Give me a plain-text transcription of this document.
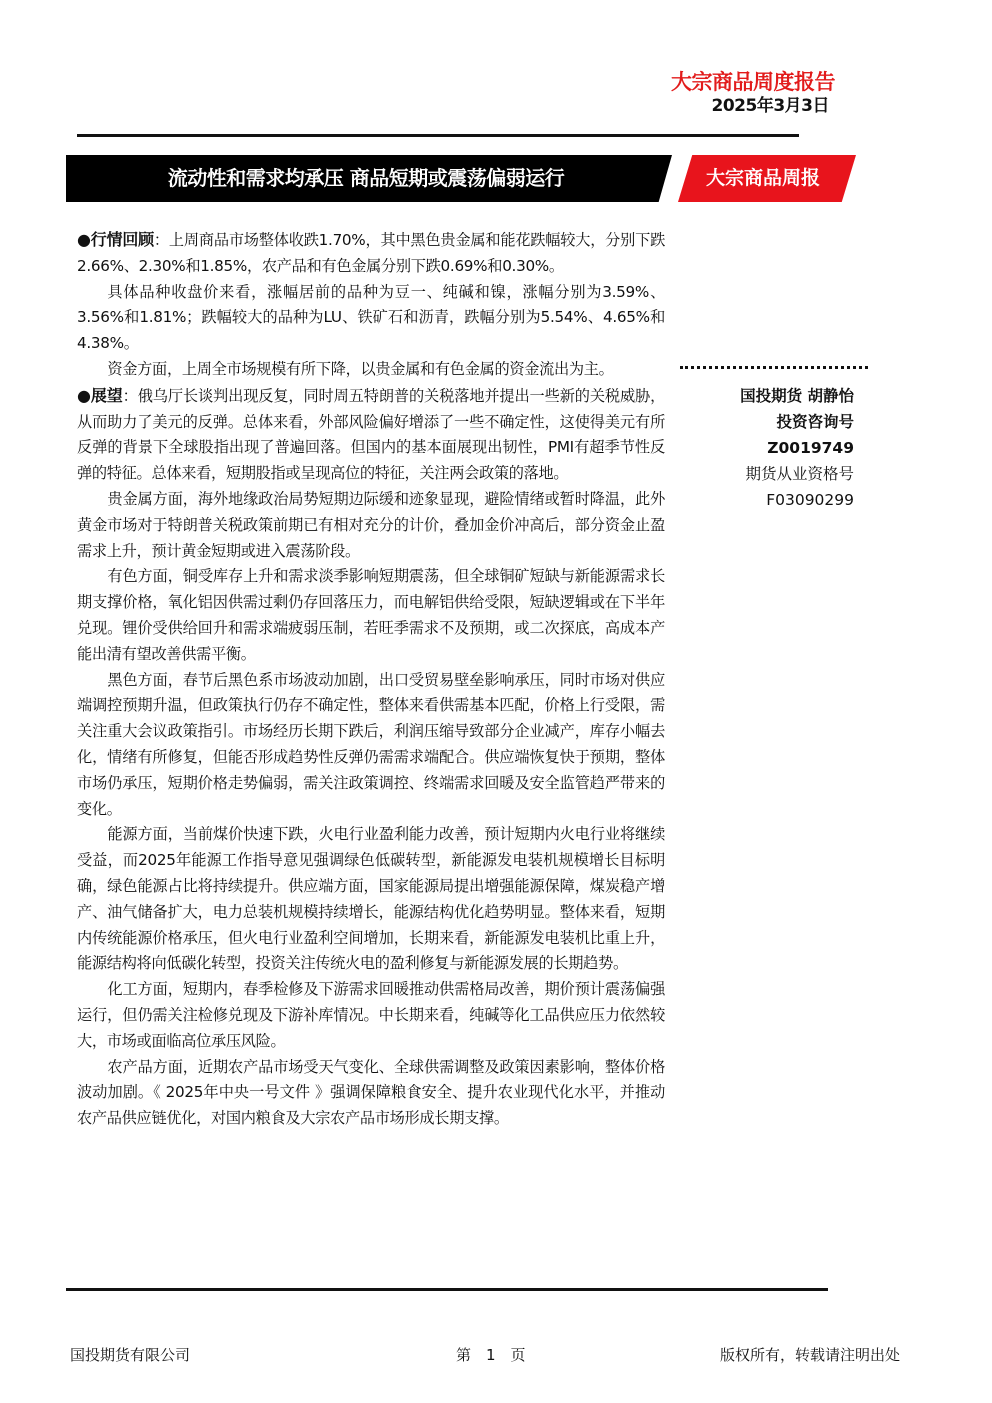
大宗商品周度报告
2025年3月3日
流动性和需求均承压 商品短期或震荡偏弱运行	大宗商品周报

●行情回顾：上周商品市场整体收跌1.70%，其中黑色贵金属和能花跌幅较大，分别下跌2.66%、2.30%和1.85%，农产品和有色金属分别下跌0.69%和0.30%。

具体品种收盘价来看，涨幅居前的品种为豆一、纯碱和镍，涨幅分别为3.59%、3.56%和1.81%；跌幅较大的品种为LU、铁矿石和沥青，跌幅分别为5.54%、4.65%和4.38%。

资金方面，上周全市场规模有所下降，以贵金属和有色金属的资金流出为主。

●展望：俄乌厅长谈判出现反复，同时周五特朗普的关税落地并提出一些新的关税威胁，从而助力了美元的反弹。总体来看，外部风险偏好增添了一些不确定性，这使得美元有所反弹的背景下全球股指出现了普遍回落。但国内的基本面展现出韧性，PMI有超季节性反弹的特征。总体来看，短期股指或呈现高位的特征，关注两会政策的落地。

贵金属方面，海外地缘政治局势短期边际缓和迹象显现，避险情绪或暂时降温，此外黄金市场对于特朗普关税政策前期已有相对充分的计价，叠加金价冲高后，部分资金止盈需求上升，预计黄金短期或进入震荡阶段。

有色方面，铜受库存上升和需求淡季影响短期震荡，但全球铜矿短缺与新能源需求长期支撑价格，氧化铝因供需过剩仍存回落压力，而电解铝供给受限，短缺逻辑或在下半年兑现。锂价受供给回升和需求端疲弱压制，若旺季需求不及预期，或二次探底，高成本产能出清有望改善供需平衡。

黑色方面，春节后黑色系市场波动加剧，出口受贸易壁垒影响承压，同时市场对供应端调控预期升温，但政策执行仍存不确定性，整体来看供需基本匹配，价格上行受限，需关注重大会议政策指引。市场经历长期下跌后，利润压缩导致部分企业减产，库存小幅去化，情绪有所修复，但能否形成趋势性反弹仍需需求端配合。供应端恢复快于预期，整体市场仍承压，短期价格走势偏弱，需关注政策调控、终端需求回暖及安全监管趋严带来的变化。

能源方面，当前煤价快速下跌，火电行业盈利能力改善，预计短期内火电行业将继续受益，而2025年能源工作指导意见强调绿色低碳转型，新能源发电装机规模增长目标明确，绿色能源占比将持续提升。供应端方面，国家能源局提出增强能源保障，煤炭稳产增产、油气储备扩大，电力总装机规模持续增长，能源结构优化趋势明显。整体来看，短期内传统能源价格承压，但火电行业盈利空间增加，长期来看，新能源发电装机比重上升，能源结构将向低碳化转型，投资关注传统火电的盈利修复与新能源发展的长期趋势。

化工方面，短期内，春季检修及下游需求回暖推动供需格局改善，期价预计震荡偏强运行，但仍需关注检修兑现及下游补库情况。中长期来看，纯碱等化工品供应压力依然较大，市场或面临高位承压风险。

农产品方面，近期农产品市场受天气变化、全球供需调整及政策因素影响，整体价格波动加剧。《 2025年中央一号文件 》强调保障粮食安全、提升农业现代化水平，并推动农产品供应链优化，对国内粮食及大宗农产品市场形成长期支撑。

国投期货 胡静怡
投资咨询号
Z0019749
期货从业资格号
F03090299
国投期货有限公司	第　1　页	版权所有，转载请注明出处
